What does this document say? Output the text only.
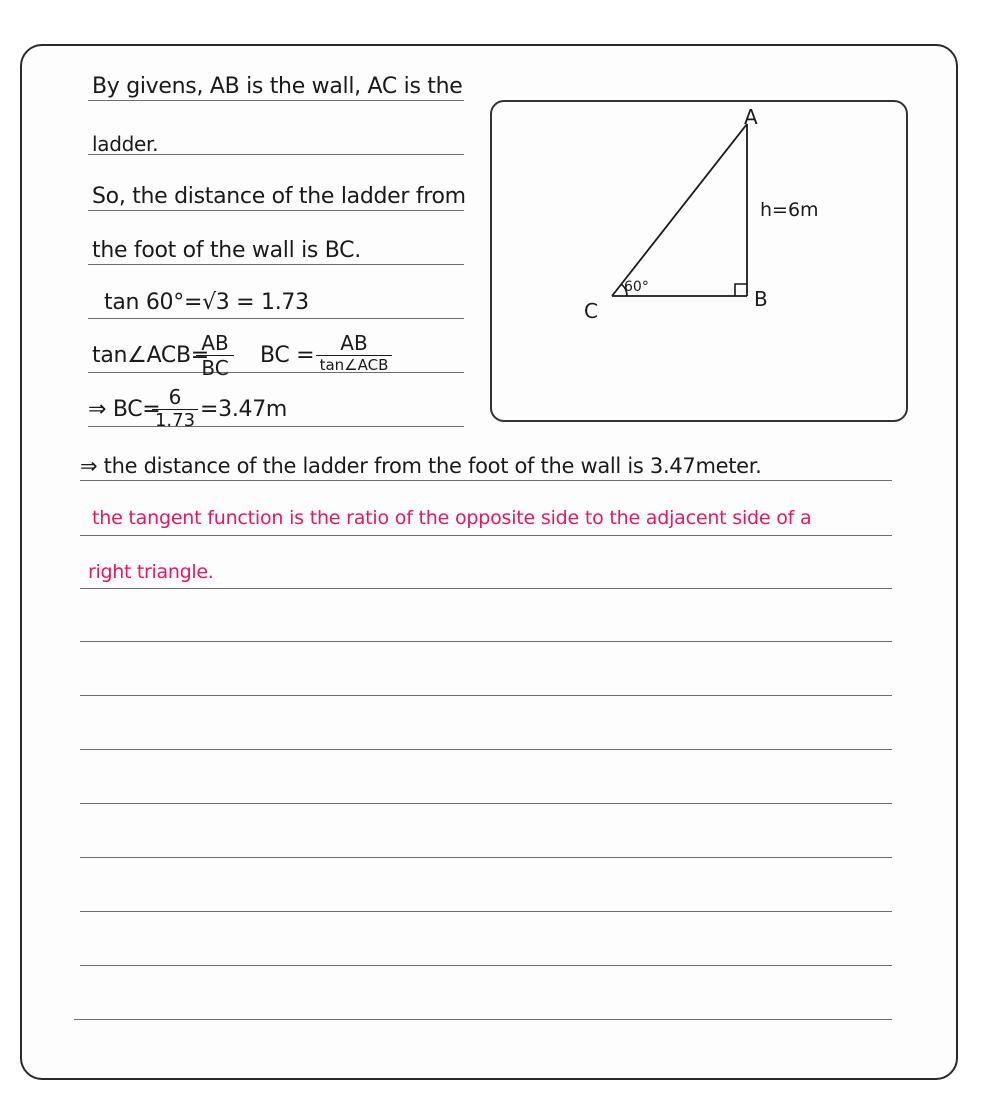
By givens, AB is the wall, AC is the
ladder.
So, the distance of the ladder from
the foot of the wall is BC.
tan 60°=√3 = 1.73
tan∠ACB=
AB
BC BC =	AB
tan∠ACB
⇒ BC= 6
1.73 =3.47m
⇒ the distance of the ladder from the foot of the wall is 3.47meter.
the tangent function is the ratio of the opposite side to the adjacent side of a
right triangle.
A
B
C
h=6m
60°
